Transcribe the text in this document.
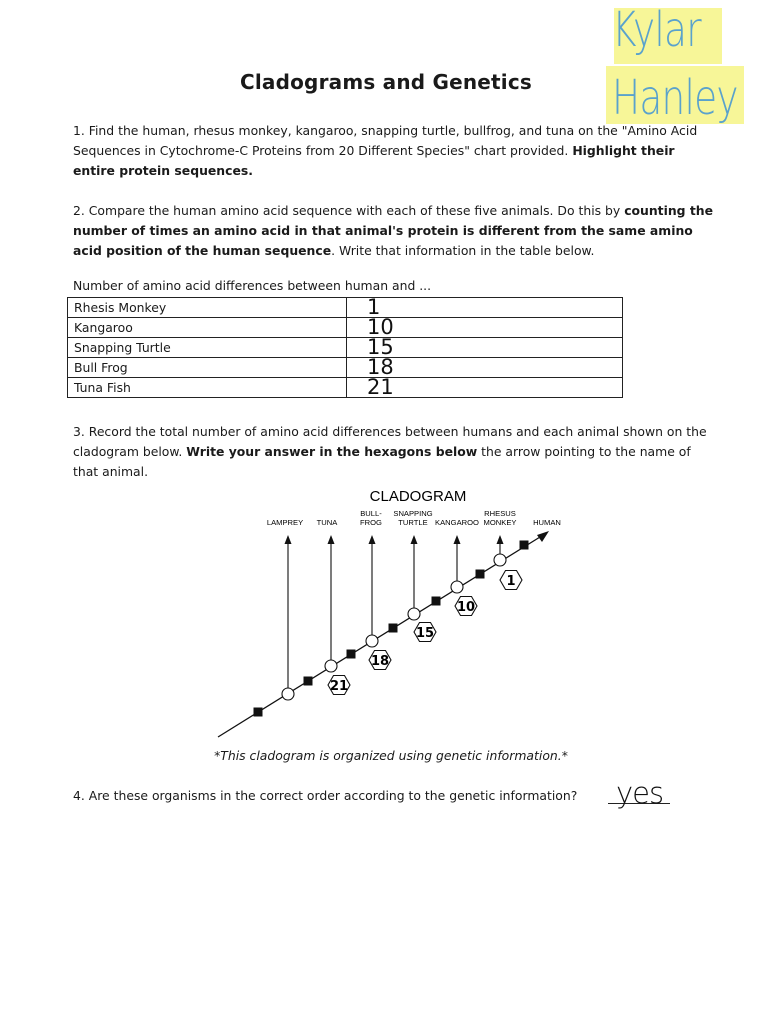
Kylar
Hanley
Cladograms and Genetics
1. Find the human, rhesus monkey, kangaroo, snapping turtle, bullfrog, and tuna on the "Amino Acid Sequences in Cytochrome-C Proteins from 20 Different Species" chart provided. Highlight their entire protein sequences.
2. Compare the human amino acid sequence with each of these five animals. Do this by counting the number of times an amino acid in that animal's protein is different from the same amino acid position of the human sequence. Write that information in the table below.
Number of amino acid differences between human and ...
Rhesis Monkey	1
Kangaroo	10
Snapping Turtle	15
Bull Frog	18
Tuna Fish	21
3. Record the total number of amino acid differences between humans and each animal shown on the cladogram below. Write your answer in the hexagons below the arrow pointing to the name of that animal.
CLADOGRAM
LAMPREY TUNA
BULL-
FROG
SNAPPING
TURTLE KANGAROO
RHESUS
MONKEY HUMAN
21
18
15
10
1
*This cladogram is organized using genetic information.*
4. Are these organisms in the correct order according to the genetic information? yes
